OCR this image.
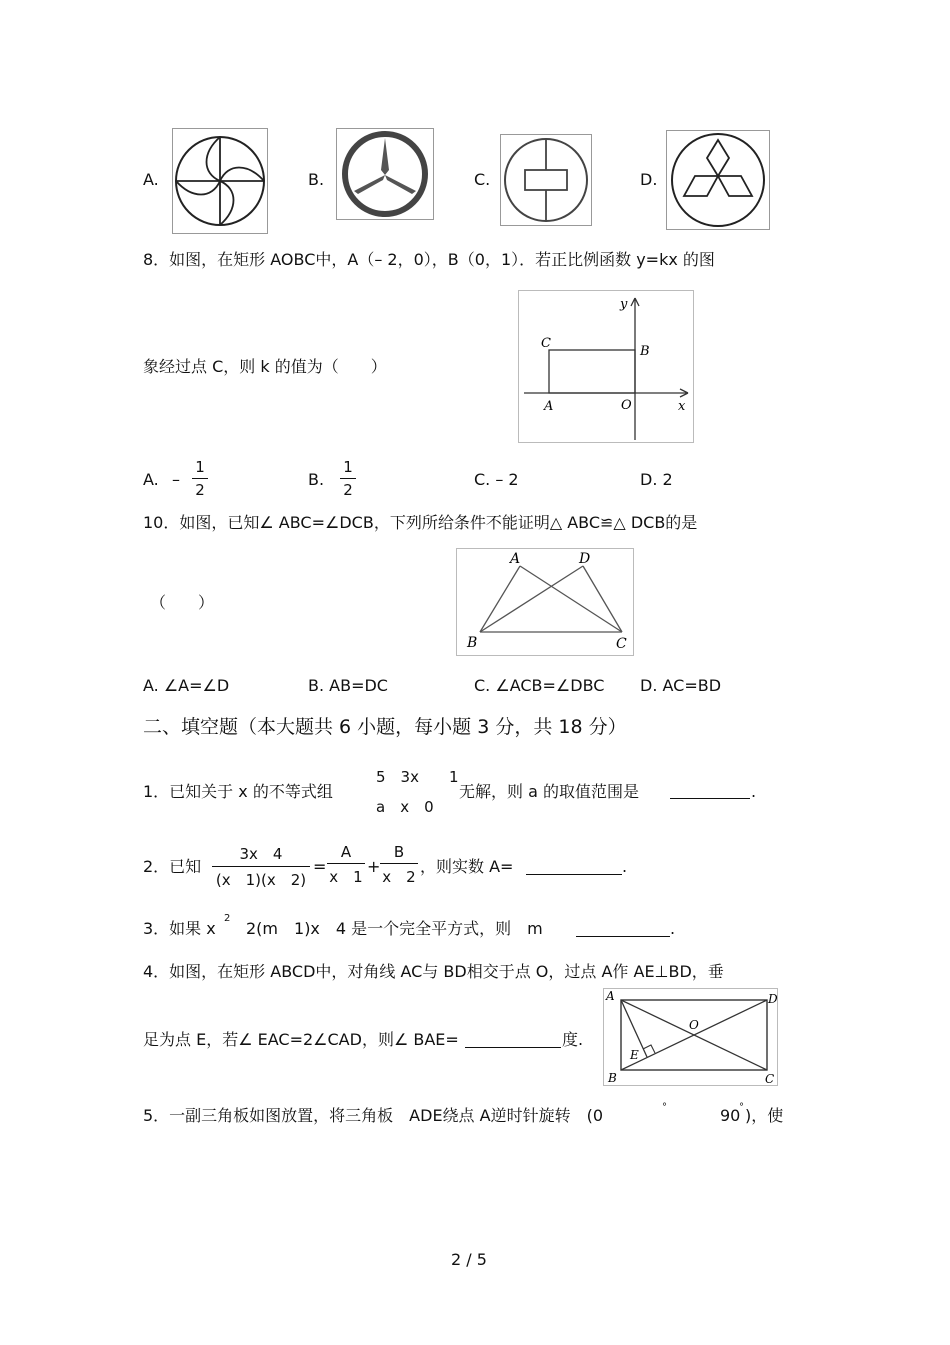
A.	B.	C.	D.
8．如图，在矩形 AOBC中，A（– 2，0），B（0，1）．若正比例函数 y=kx 的图
象经过点 C，则 k 的值为（　　）
y
C
B
A	O	x
A. –
1
2
B.
1
2
C. – 2	D. 2
10．如图，已知∠ ABC=∠DCB，下列所给条件不能证明△ ABC≌△ DCB的是
（　　）
A	D
B	C
A. ∠A=∠D	B. AB=DC	C. ∠ACB=∠DBC D. AC=BD
二、填空题（本大题共 6 小题，每小题 3 分，共 18 分）
1．已知关于 x 的不等式组
5　3x　　1
a　x　0
无解，则 a 的取值范围是	.
2．已知
3x　4
(x　1)(x　2)
=
A
x　1
+
B
x　2
，则实数 A=	.
3．如果 x
2
2(m　1)x　4 是一个完全平方式，则　m	.
4．如图，在矩形 ABCD中，对角线 AC与 BD相交于点 O，过点 A作 AE⊥BD，垂
足为点 E，若∠ EAC=2∠CAD，则∠ BAE=	度.
A	D
O
E
B	C
5．一副三角板如图放置，将三角板　ADE绕点 A逆时针旋转　(0	°	90
° )，使
2 / 5
